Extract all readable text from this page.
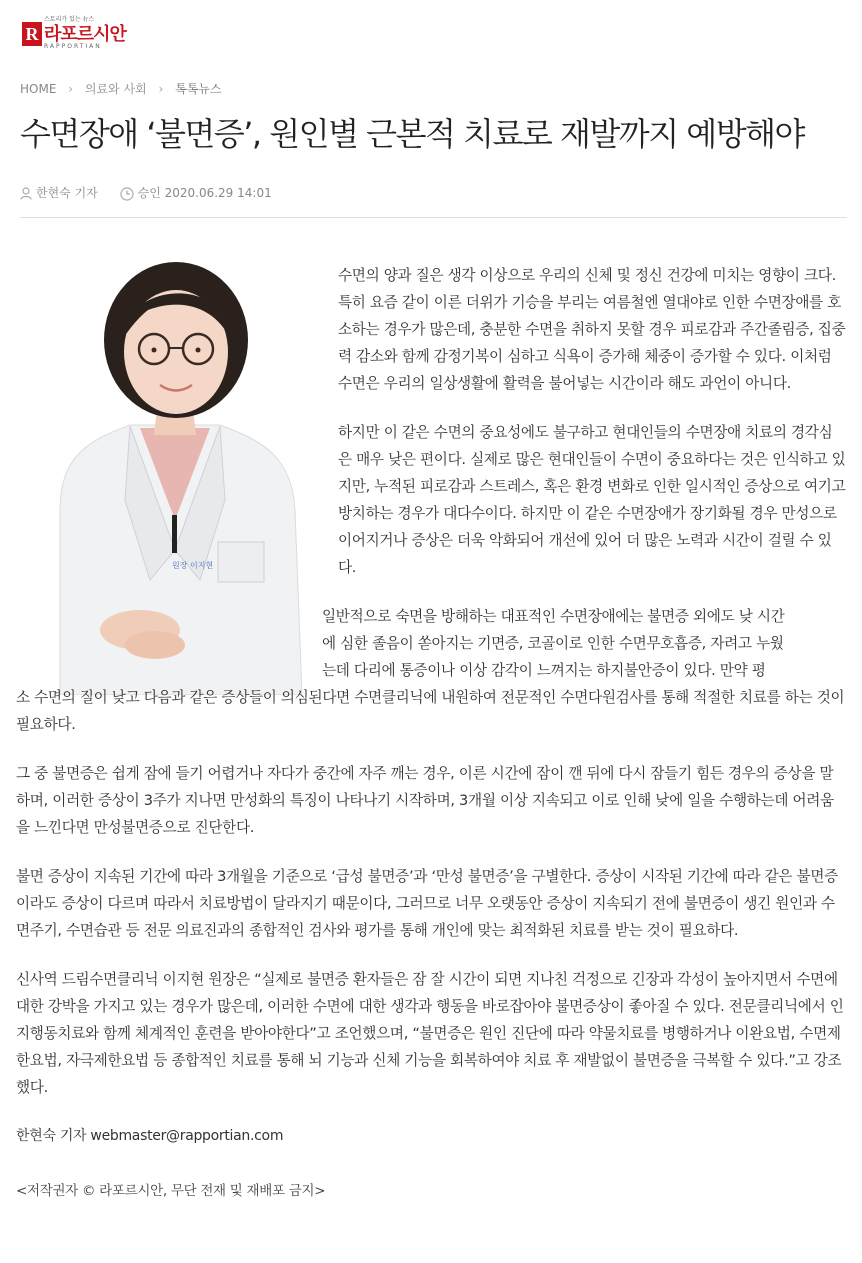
스토리가 있는 뉴스
R 라포르시안
RAPPORTIAN
HOME › 의료와 사회 › 톡톡뉴스
수면장애 ‘불면증’, 원인별 근본적 치료로 재발까지 예방해야
한현숙 기자	승인 2020.06.29 14:01
원장 이지현

수면의 양과 질은 생각 이상으로 우리의 신체 및 정신 건강에 미치는 영향이 크다. 특히 요즘 같이 이른 더위가 기승을 부리는 여름철엔 열대야로 인한 수면장애를 호소하는 경우가 많은데, 충분한 수면을 취하지 못할 경우 피로감과 주간졸림증, 집중력 감소와 함께 감정기복이 심하고 식욕이 증가해 체중이 증가할 수 있다. 이처럼 수면은 우리의 일상생활에 활력을 불어넣는 시간이라 해도 과언이 아니다.

하지만 이 같은 수면의 중요성에도 불구하고 현대인들의 수면장애 치료의 경각심은 매우 낮은 편이다. 실제로 많은 현대인들이 수면이 중요하다는 것은 인식하고 있지만, 누적된 피로감과 스트레스, 혹은 환경 변화로 인한 일시적인 증상으로 여기고 방치하는 경우가 대다수이다. 하지만 이 같은 수면장애가 장기화될 경우 만성으로 이어지거나 증상은 더욱 악화되어 개선에 있어 더 많은 노력과 시간이 걸릴 수 있다.

일반적으로 숙면을 방해하는 대표적인 수면장애에는 불면증 외에도 낮 시간
에 심한 졸음이 쏟아지는 기면증, 코골이로 인한 수면무호흡증, 자려고 누웠
는데 다리에 통증이나 이상 감각이 느껴지는 하지불안증이 있다. 만약 평

소 수면의 질이 낮고 다음과 같은 증상들이 의심된다면 수면클리닉에 내원하여 전문적인 수면다원검사를 통해 적절한 치료를 하는 것이 필요하다.

그 중 불면증은 쉽게 잠에 들기 어렵거나 자다가 중간에 자주 깨는 경우, 이른 시간에 잠이 깬 뒤에 다시 잠들기 힘든 경우의 증상을 말하며, 이러한 증상이 3주가 지나면 만성화의 특징이 나타나기 시작하며, 3개월 이상 지속되고 이로 인해 낮에 일을 수행하는데 어려움을 느낀다면 만성불면증으로 진단한다.

불면 증상이 지속된 기간에 따라 3개월을 기준으로 ‘급성 불면증’과 ‘만성 불면증’을 구별한다. 증상이 시작된 기간에 따라 같은 불면증이라도 증상이 다르며 따라서 치료방법이 달라지기 때문이다, 그러므로 너무 오랫동안 증상이 지속되기 전에 불면증이 생긴 원인과 수면주기, 수면습관 등 전문 의료진과의 종합적인 검사와 평가를 통해 개인에 맞는 최적화된 치료를 받는 것이 필요하다.

신사역 드림수면클리닉 이지현 원장은 “실제로 불면증 환자들은 잠 잘 시간이 되면 지나친 걱정으로 긴장과 각성이 높아지면서 수면에 대한 강박을 가지고 있는 경우가 많은데, 이러한 수면에 대한 생각과 행동을 바로잡아야 불면증상이 좋아질 수 있다. 전문클리닉에서 인지행동치료와 함께 체계적인 훈련을 받아야한다”고 조언했으며, “불면증은 원인 진단에 따라 약물치료를 병행하거나 이완요법, 수면제한요법, 자극제한요법 등 종합적인 치료를 통해 뇌 기능과 신체 기능을 회복하여야 치료 후 재발없이 불면증을 극복할 수 있다.”고 강조했다.

한현숙 기자 webmaster@rapportian.com

<저작권자 © 라포르시안, 무단 전재 및 재배포 금지>
